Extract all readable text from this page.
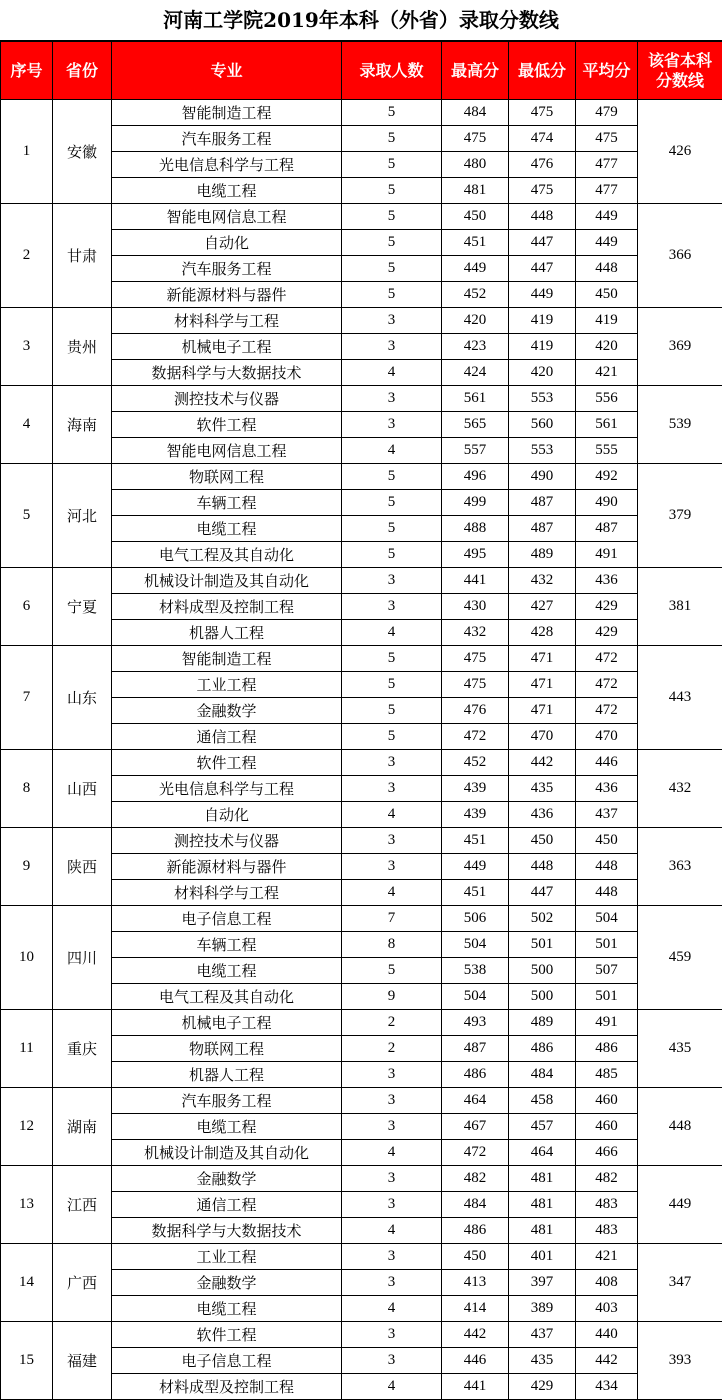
河南工学院2019年本科（外省）录取分数线
序号	省份	专业	录取人数	最高分	最低分	平均分	该省本科分数线
1	安徽	智能制造工程	5	484	475	479	426
		汽车服务工程	5	475	474	475	
		光电信息科学与工程	5	480	476	477	
		电缆工程	5	481	475	477	
2	甘肃	智能电网信息工程	5	450	448	449	366
		自动化	5	451	447	449	
		汽车服务工程	5	449	447	448	
		新能源材料与器件	5	452	449	450	
3	贵州	材料科学与工程	3	420	419	419	369
		机械电子工程	3	423	419	420	
		数据科学与大数据技术	4	424	420	421	
4	海南	测控技术与仪器	3	561	553	556	539
		软件工程	3	565	560	561	
		智能电网信息工程	4	557	553	555	
5	河北	物联网工程	5	496	490	492	379
		车辆工程	5	499	487	490	
		电缆工程	5	488	487	487	
		电气工程及其自动化	5	495	489	491	
6	宁夏	机械设计制造及其自动化	3	441	432	436	381
		材料成型及控制工程	3	430	427	429	
		机器人工程	4	432	428	429	
7	山东	智能制造工程	5	475	471	472	443
		工业工程	5	475	471	472	
		金融数学	5	476	471	472	
		通信工程	5	472	470	470	
8	山西	软件工程	3	452	442	446	432
		光电信息科学与工程	3	439	435	436	
		自动化	4	439	436	437	
9	陕西	测控技术与仪器	3	451	450	450	363
		新能源材料与器件	3	449	448	448	
		材料科学与工程	4	451	447	448	
10	四川	电子信息工程	7	506	502	504	459
		车辆工程	8	504	501	501	
		电缆工程	5	538	500	507	
		电气工程及其自动化	9	504	500	501	
11	重庆	机械电子工程	2	493	489	491	435
		物联网工程	2	487	486	486	
		机器人工程	3	486	484	485	
12	湖南	汽车服务工程	3	464	458	460	448
		电缆工程	3	467	457	460	
		机械设计制造及其自动化	4	472	464	466	
13	江西	金融数学	3	482	481	482	449
		通信工程	3	484	481	483	
		数据科学与大数据技术	4	486	481	483	
14	广西	工业工程	3	450	401	421	347
		金融数学	3	413	397	408	
		电缆工程	4	414	389	403	
15	福建	软件工程	3	442	437	440	393
		电子信息工程	3	446	435	442	
		材料成型及控制工程	4	441	429	434	
